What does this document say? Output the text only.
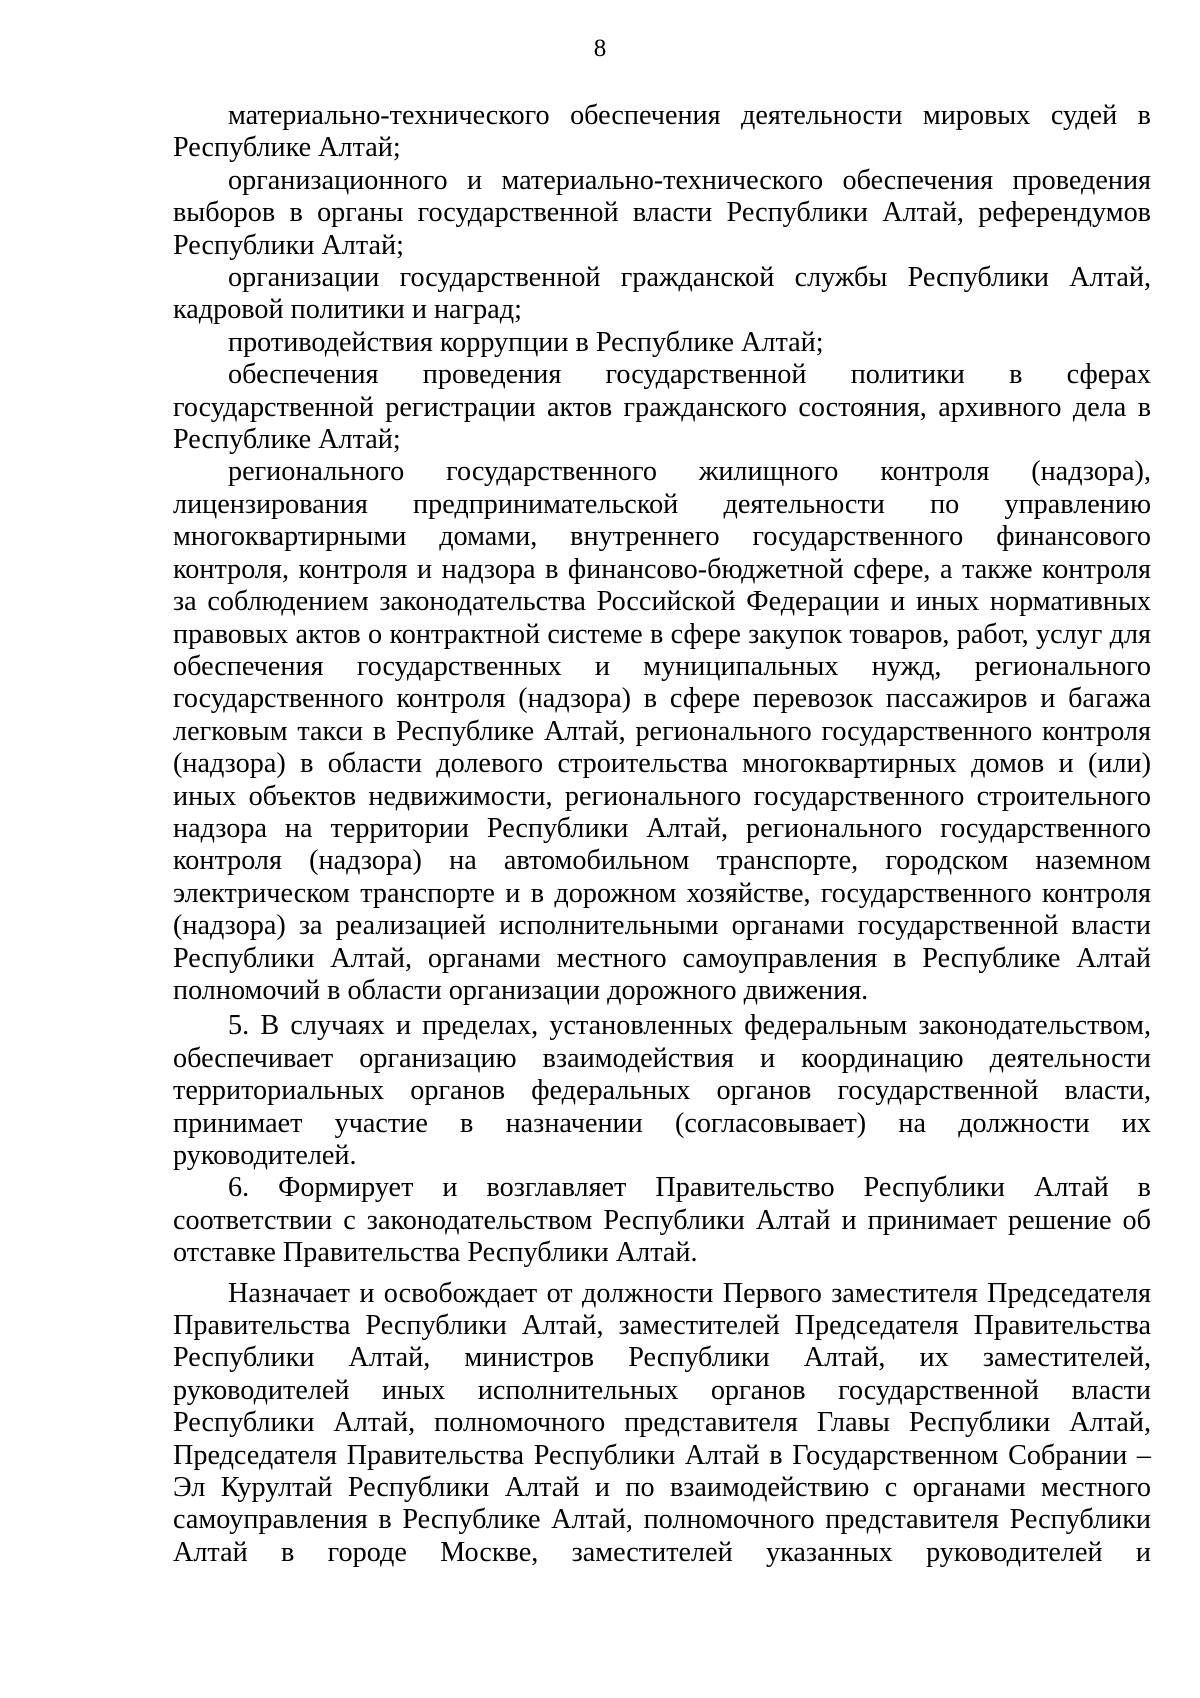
8

материально-технического обеспечения деятельности мировых судей в Республике Алтай;

организационного и материально-технического обеспечения проведения выборов в органы государственной власти Республики Алтай, референдумов Республики Алтай;

организации государственной гражданской службы Республики Алтай, кадровой политики и наград;

противодействия коррупции в Республике Алтай;

обеспечения проведения государственной политики в сферах государственной регистрации актов гражданского состояния, архивного дела в Республике Алтай;

регионального государственного жилищного контроля (надзора), лицензирования предпринимательской деятельности по управлению многоквартирными домами, внутреннего государственного финансового контроля, контроля и надзора в финансово-бюджетной сфере, а также контроля за соблюдением законодательства Российской Федерации и иных нормативных правовых актов о контрактной системе в сфере закупок товаров, работ, услуг для обеспечения государственных и муниципальных нужд, регионального государственного контроля (надзора) в сфере перевозок пассажиров и багажа легковым такси в Республике Алтай, регионального государственного контроля (надзора) в области долевого строительства многоквартирных домов и (или) иных объектов недвижимости, регионального государственного строительного надзора на территории Республики Алтай, регионального государственного контроля (надзора) на автомобильном транспорте, городском наземном электрическом транспорте и в дорожном хозяйстве, государственного контроля (надзора) за реализацией исполнительными органами государственной власти Республики Алтай, органами местного самоуправления в Республике Алтай полномочий в области организации дорожного движения.

5. В случаях и пределах, установленных федеральным законодательством, обеспечивает организацию взаимодействия и координацию деятельности территориальных органов федеральных органов государственной власти, принимает участие в назначении (согласовывает) на должности их руководителей.

6. Формирует и возглавляет Правительство Республики Алтай в соответствии с законодательством Республики Алтай и принимает решение об отставке Правительства Республики Алтай.

Назначает и освобождает от должности Первого заместителя Председателя Правительства Республики Алтай, заместителей Председателя Правительства Республики Алтай, министров Республики Алтай, их заместителей, руководителей иных исполнительных органов государственной власти Республики Алтай, полномочного представителя Главы Республики Алтай, Председателя Правительства Республики Алтай в Государственном Собрании – Эл Курултай Республики Алтай и по взаимодействию с органами местного самоуправления в Республике Алтай, полномочного представителя Республики Алтай в городе Москве, заместителей указанных руководителей и
